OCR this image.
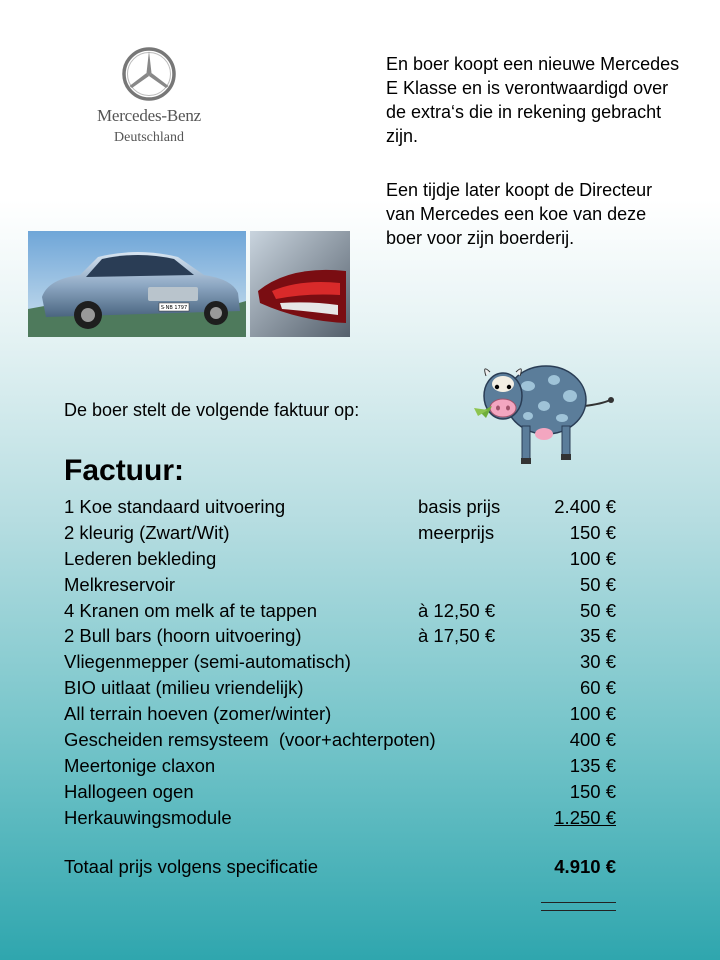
Mercedes-Benz
Deutschland
En boer koopt een nieuwe Mercedes E Klasse en is verontwaardigd over de extra‘s die in rekening gebracht zijn.
Een tijdje later koopt de Directeur van Mercedes een koe van deze boer voor zijn boerderij.
S·NB 1797
De boer stelt de volgende faktuur op:
Factuur:
1 Koe standaard uitvoering	basis prijs	2.400 €
2 kleurig (Zwart/Wit)	meerprijs	150 €
Lederen bekleding	100 €
Melkreservoir	50 €
4 Kranen om melk af te tappen	à 12,50 €	50 €
2 Bull bars (hoorn uitvoering)	à 17,50 €	35 €
Vliegenmepper (semi-automatisch)	30 €
BIO uitlaat (milieu vriendelijk)	60 €
All terrain hoeven (zomer/winter)	100 €
Gescheiden remsysteem  (voor+achterpoten)	400 €
Meertonige claxon	135 €
Hallogeen ogen	150 €
Herkauwingsmodule	1.250 €
Totaal prijs volgens specificatie	4.910 €
